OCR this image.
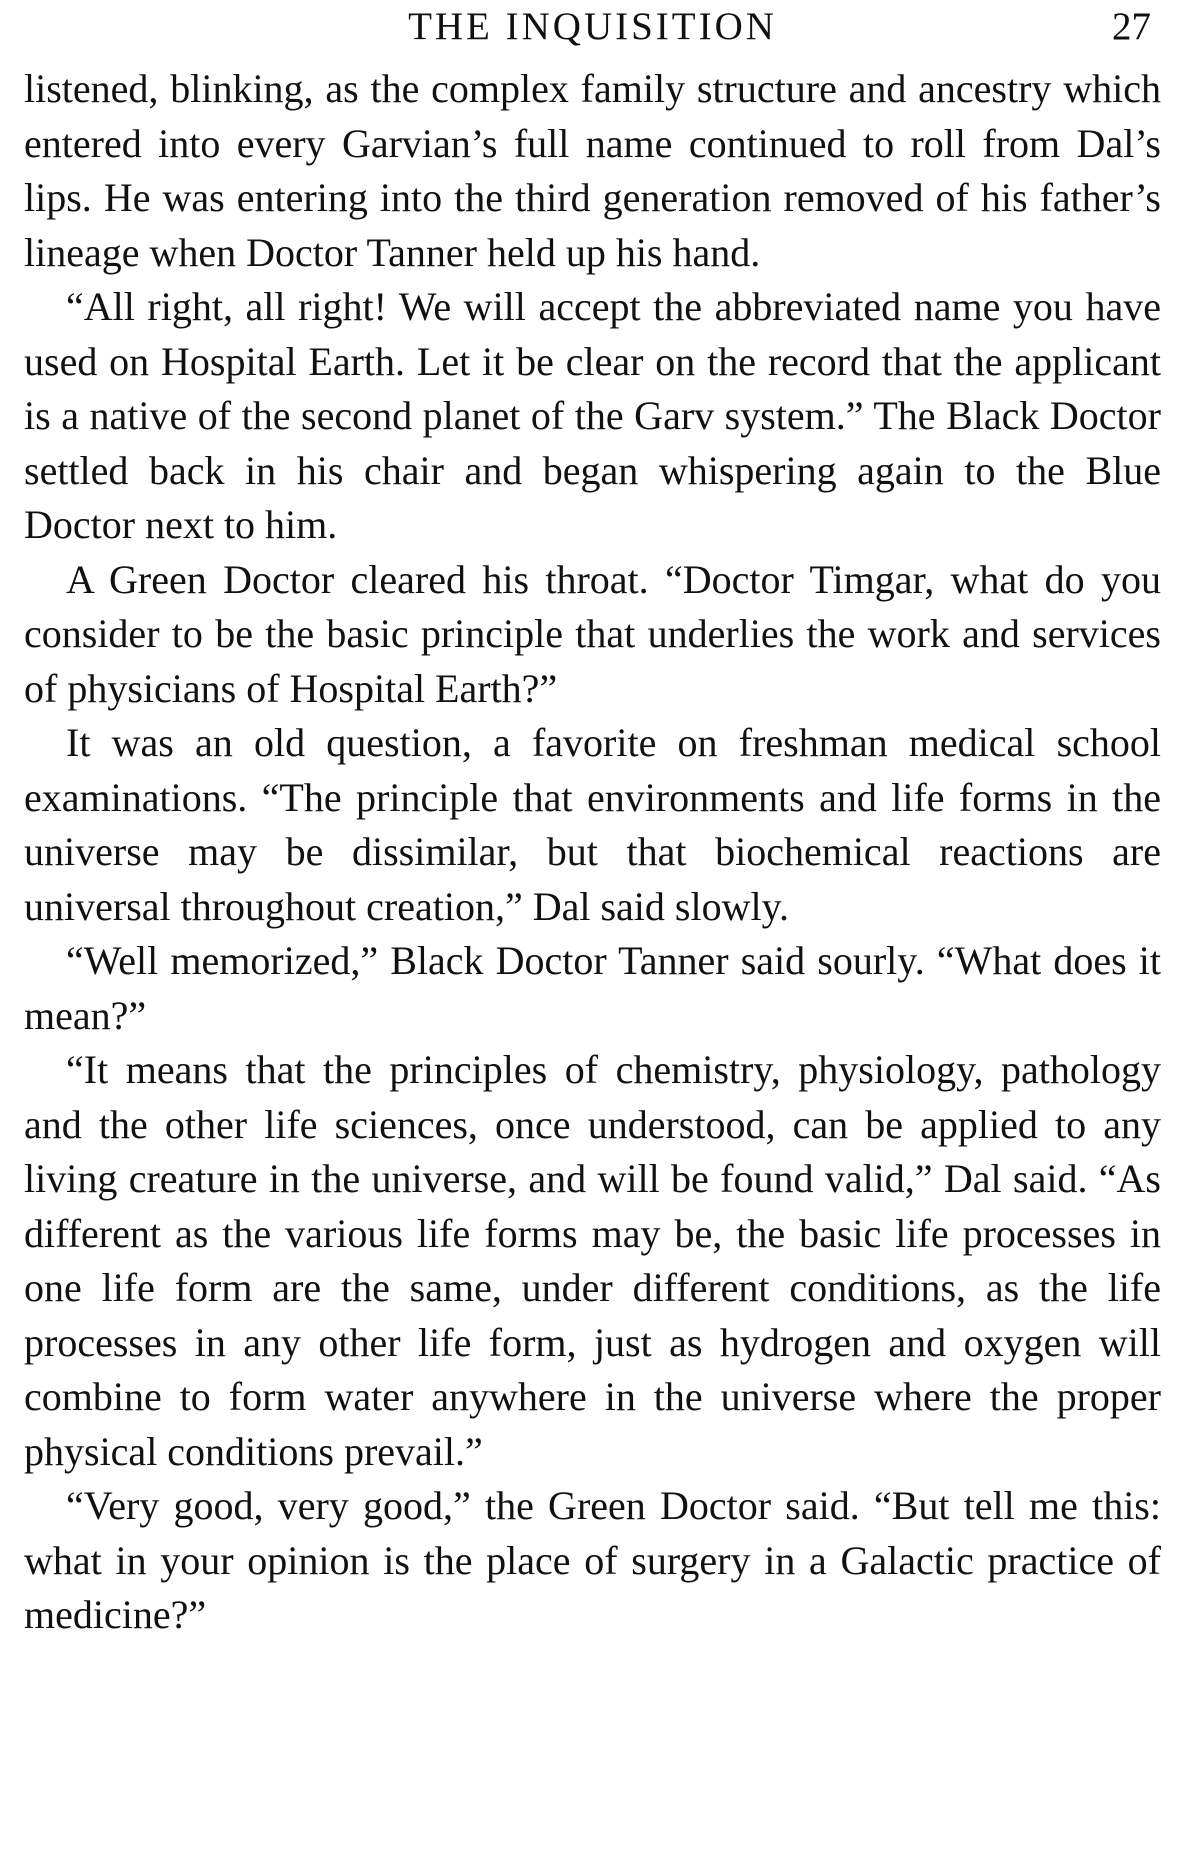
THE INQUISITION	27

listened, blinking, as the complex family structure and ancestry which entered into every Garvian’s full name continued to roll from Dal’s lips. He was entering into the third generation removed of his father’s lineage when Doctor Tanner held up his hand.

“All right, all right! We will accept the abbreviated name you have used on Hospital Earth. Let it be clear on the record that the applicant is a native of the second planet of the Garv system.” The Black Doctor settled back in his chair and began whispering again to the Blue Doctor next to him.

A Green Doctor cleared his throat. “Doctor Timgar, what do you consider to be the basic principle that underlies the work and services of physicians of Hospital Earth?”

It was an old question, a favorite on freshman medical school examinations. “The principle that environments and life forms in the universe may be dissimilar, but that biochemical reactions are universal throughout creation,” Dal said slowly.

“Well memorized,” Black Doctor Tanner said sourly. “What does it mean?”

“It means that the principles of chemistry, physiology, pathology and the other life sciences, once understood, can be applied to any living creature in the universe, and will be found valid,” Dal said. “As different as the various life forms may be, the basic life processes in one life form are the same, under different conditions, as the life processes in any other life form, just as hydrogen and oxygen will combine to form water anywhere in the universe where the proper physical conditions prevail.”

“Very good, very good,” the Green Doctor said. “But tell me this: what in your opinion is the place of surgery in a Galactic practice of medicine?”
